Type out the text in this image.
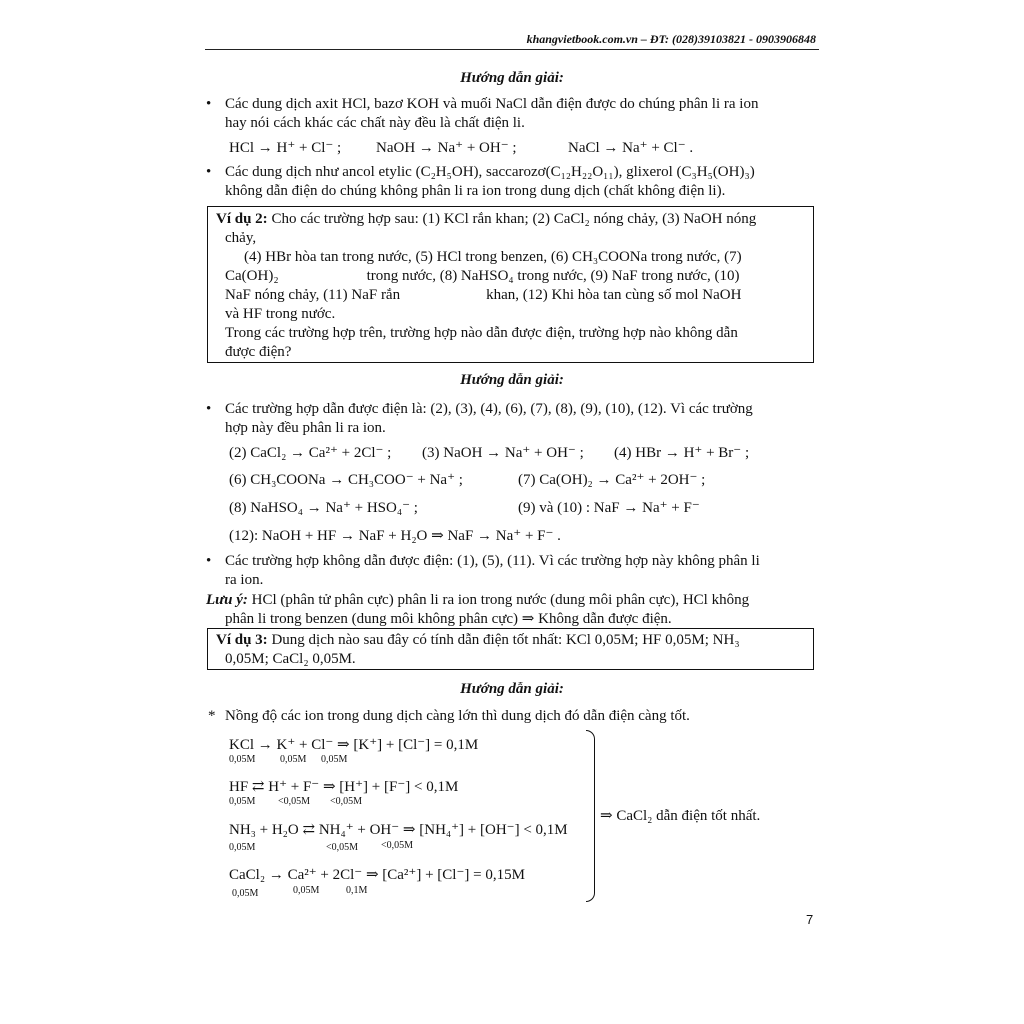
khangvietbook.com.vn – ĐT: (028)39103821 - 0903906848
Hướng dẫn giải:
• Các dung dịch axit HCl, bazơ KOH và muối NaCl dẫn điện được do chúng phân li ra ion
hay nói cách khác các chất này đều là chất điện li.
HCl → H⁺ + Cl⁻ ; NaOH → Na⁺ + OH⁻ ;	NaCl → Na⁺ + Cl⁻ .
• Các dung dịch như ancol etylic (C₂H₅OH), saccarozơ(C₁₂H₂₂O₁₁), glixerol (C₃H₅(OH)₃)
không dẫn điện do chúng không phân li ra ion trong dung dịch (chất không điện li).
Ví dụ 2: Cho các trường hợp sau: (1) KCl rắn khan; (2) CaCl₂ nóng chảy, (3) NaOH nóng
chảy,
(4) HBr hòa tan trong nước, (5) HCl trong benzen, (6) CH₃COONa trong nước, (7)
Ca(OH)₂	trong nước, (8) NaHSO₄ trong nước, (9) NaF trong nước, (10)
NaF nóng chảy, (11) NaF rắn	khan, (12) Khi hòa tan cùng số mol NaOH
và HF trong nước.
Trong các trường hợp trên, trường hợp nào dẫn được điện, trường hợp nào không dẫn
được điện?
Hướng dẫn giải:
• Các trường hợp dẫn được điện là: (2), (3), (4), (6), (7), (8), (9), (10), (12). Vì các trường
hợp này đều phân li ra ion.
(2) CaCl₂ → Ca²⁺ + 2Cl⁻ ; (3) NaOH → Na⁺ + OH⁻ ; (4) HBr → H⁺ + Br⁻ ;
(6) CH₃COONa → CH₃COO⁻ + Na⁺ ;	(7) Ca(OH)₂ → Ca²⁺ + 2OH⁻ ;
(8) NaHSO₄ → Na⁺ + HSO₄⁻ ;	(9) và (10) : NaF → Na⁺ + F⁻
(12): NaOH + HF → NaF + H₂O ⇒ NaF → Na⁺ + F⁻ .
• Các trường hợp không dẫn được điện: (1), (5), (11). Vì các trường hợp này không phân li
ra ion.
Lưu ý: HCl (phân tử phân cực) phân li ra ion trong nước (dung môi phân cực), HCl không
phân li trong benzen (dung môi không phân cực) ⇒ Không dẫn được điện.
Ví dụ 3: Dung dịch nào sau đây có tính dẫn điện tốt nhất: KCl 0,05M; HF 0,05M; NH₃
0,05M; CaCl₂ 0,05M.
Hướng dẫn giải:
* Nồng độ các ion trong dung dịch càng lớn thì dung dịch đó dẫn điện càng tốt.
KCl → K⁺ + Cl⁻ ⇒ [K⁺] + [Cl⁻] = 0,1M
0,05M 0,05M 0,05M
HF ⇄ H⁺ + F⁻ ⇒ [H⁺] + [F⁻] < 0,1M
0,05M <0,05M <0,05M
NH₃ + H₂O ⇄ NH₄⁺ + OH⁻ ⇒ [NH₄⁺] + [OH⁻] < 0,1M
0,05M	<0,05M <0,05M
CaCl₂ → Ca²⁺ + 2Cl⁻ ⇒ [Ca²⁺] + [Cl⁻] = 0,15M
0,05M	0,05M	0,1M
⇒ CaCl₂ dẫn điện tốt nhất.
7
